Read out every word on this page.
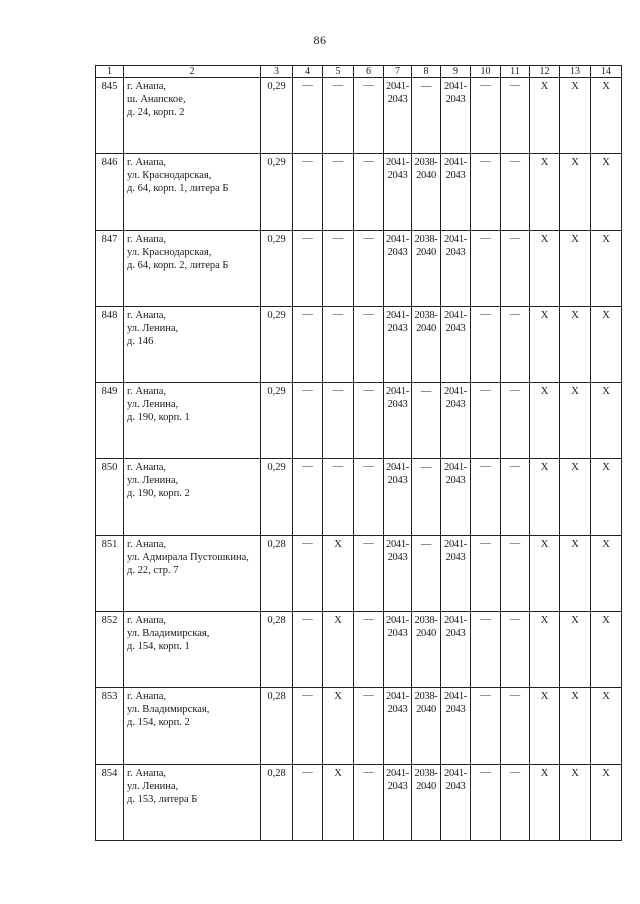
86
1	2	3	4	5	6	7	8	9	10	11	12	13	14
845	г. Анапа,
ш. Анапское,
д. 24, корп. 2	0,29	—	—	—	2041-
2043	—	2041-
2043	—	—	X	X	X
846	г. Анапа,
ул. Краснодарская,
д. 64, корп. 1, литера Б	0,29	—	—	—	2041-
2043	2038-
2040	2041-
2043	—	—	X	X	X
847	г. Анапа,
ул. Краснодарская,
д. 64, корп. 2, литера Б	0,29	—	—	—	2041-
2043	2038-
2040	2041-
2043	—	—	X	X	X
848	г. Анапа,
ул. Ленина,
д. 146	0,29	—	—	—	2041-
2043	2038-
2040	2041-
2043	—	—	X	X	X
849	г. Анапа,
ул. Ленина,
д. 190, корп. 1	0,29	—	—	—	2041-
2043	—	2041-
2043	—	—	X	X	X
850	г. Анапа,
ул. Ленина,
д. 190, корп. 2	0,29	—	—	—	2041-
2043	—	2041-
2043	—	—	X	X	X
851	г. Анапа,
ул. Адмирала Пустошкина,
д. 22, стр. 7	0,28	—	X	—	2041-
2043	—	2041-
2043	—	—	X	X	X
852	г. Анапа,
ул. Владимирская,
д. 154, корп. 1	0,28	—	X	—	2041-
2043	2038-
2040	2041-
2043	—	—	X	X	X
853	г. Анапа,
ул. Владимирская,
д. 154, корп. 2	0,28	—	X	—	2041-
2043	2038-
2040	2041-
2043	—	—	X	X	X
854	г. Анапа,
ул. Ленина,
д. 153, литера Б	0,28	—	X	—	2041-
2043	2038-
2040	2041-
2043	—	—	X	X	X
